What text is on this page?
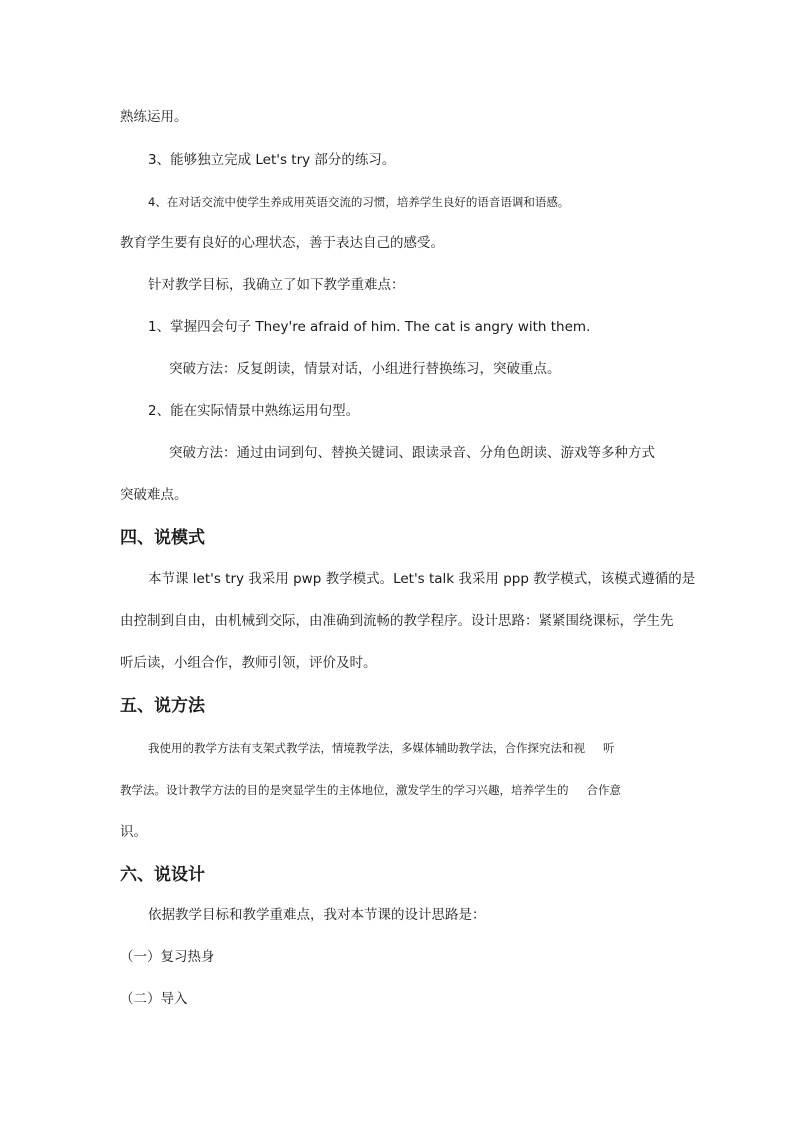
熟练运用。
3、能够独立完成 Let's try 部分的练习。
4、在对话交流中使学生养成用英语交流的习惯，培养学生良好的语音语调和语感。
教育学生要有良好的心理状态，善于表达自己的感受。
针对教学目标，我确立了如下教学重难点：
1、掌握四会句子 They're afraid of him. The cat is angry with them.
突破方法：反复朗读，情景对话，小组进行替换练习，突破重点。
2、能在实际情景中熟练运用句型。
突破方法：通过由词到句、替换关键词、跟读录音、分角色朗读、游戏等多种方式
突破难点。
四、说模式
本节课 let's try 我采用 pwp 教学模式。Let's talk 我采用 ppp 教学模式，该模式遵循的是
由控制到自由，由机械到交际，由准确到流畅的教学程序。设计思路：紧紧围绕课标，学生先
听后读，小组合作，教师引领，评价及时。
五、说方法
我使用的教学方法有支架式教学法，情境教学法，多媒体辅助教学法，合作探究法和视 听
教学法。设计教学方法的目的是突显学生的主体地位，激发学生的学习兴趣，培养学生的 合作意
识。
六、说设计
依据教学目标和教学重难点，我对本节课的设计思路是：
（一）复习热身
（二）导入
